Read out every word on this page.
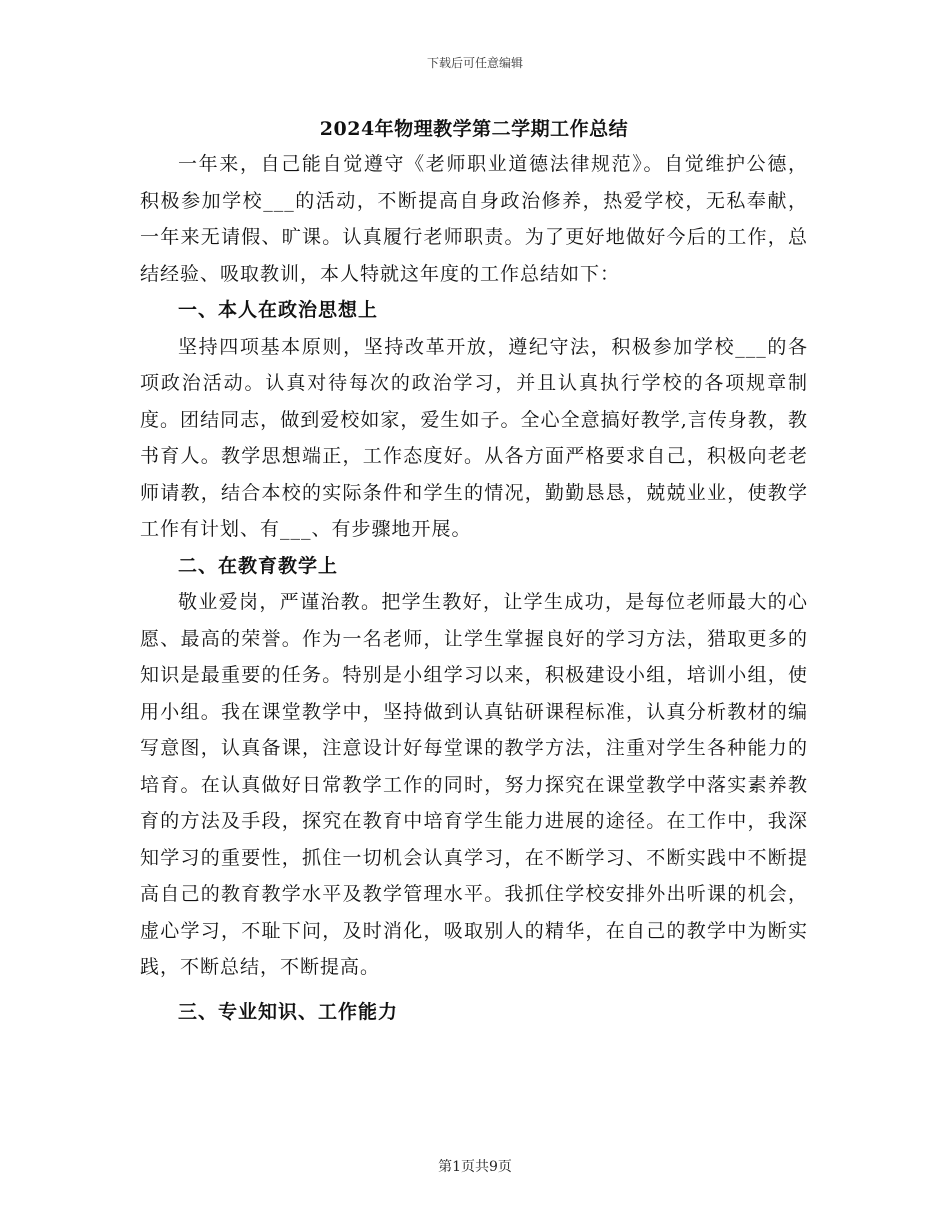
下载后可任意编辑
2024年物理教学第二学期工作总结

一年来，自己能自觉遵守《老师职业道德法律规范》。自觉维护公德，积极参加学校___的活动，不断提高自身政治修养，热爱学校，无私奉献，一年来无请假、旷课。认真履行老师职责。为了更好地做好今后的工作，总结经验、吸取教训，本人特就这年度的工作总结如下：

一、本人在政治思想上

坚持四项基本原则，坚持改革开放，遵纪守法，积极参加学校___的各项政治活动。认真对待每次的政治学习，并且认真执行学校的各项规章制度。团结同志，做到爱校如家，爱生如子。全心全意搞好教学,言传身教，教书育人。教学思想端正，工作态度好。从各方面严格要求自己，积极向老老师请教，结合本校的实际条件和学生的情况，勤勤恳恳，兢兢业业，使教学工作有计划、有___、有步骤地开展。

二、在教育教学上

敬业爱岗，严谨治教。把学生教好，让学生成功，是每位老师最大的心愿、最高的荣誉。作为一名老师，让学生掌握良好的学习方法，猎取更多的知识是最重要的任务。特别是小组学习以来，积极建设小组，培训小组，使用小组。我在课堂教学中，坚持做到认真钻研课程标准，认真分析教材的编写意图，认真备课，注意设计好每堂课的教学方法，注重对学生各种能力的培育。在认真做好日常教学工作的同时，努力探究在课堂教学中落实素养教育的方法及手段，探究在教育中培育学生能力进展的途径。在工作中，我深知学习的重要性，抓住一切机会认真学习，在不断学习、不断实践中不断提高自己的教育教学水平及教学管理水平。我抓住学校安排外出听课的机会，虚心学习，不耻下问，及时消化，吸取别人的精华，在自己的教学中为断实践，不断总结，不断提高。

三、专业知识、工作能力

第1页共9页
